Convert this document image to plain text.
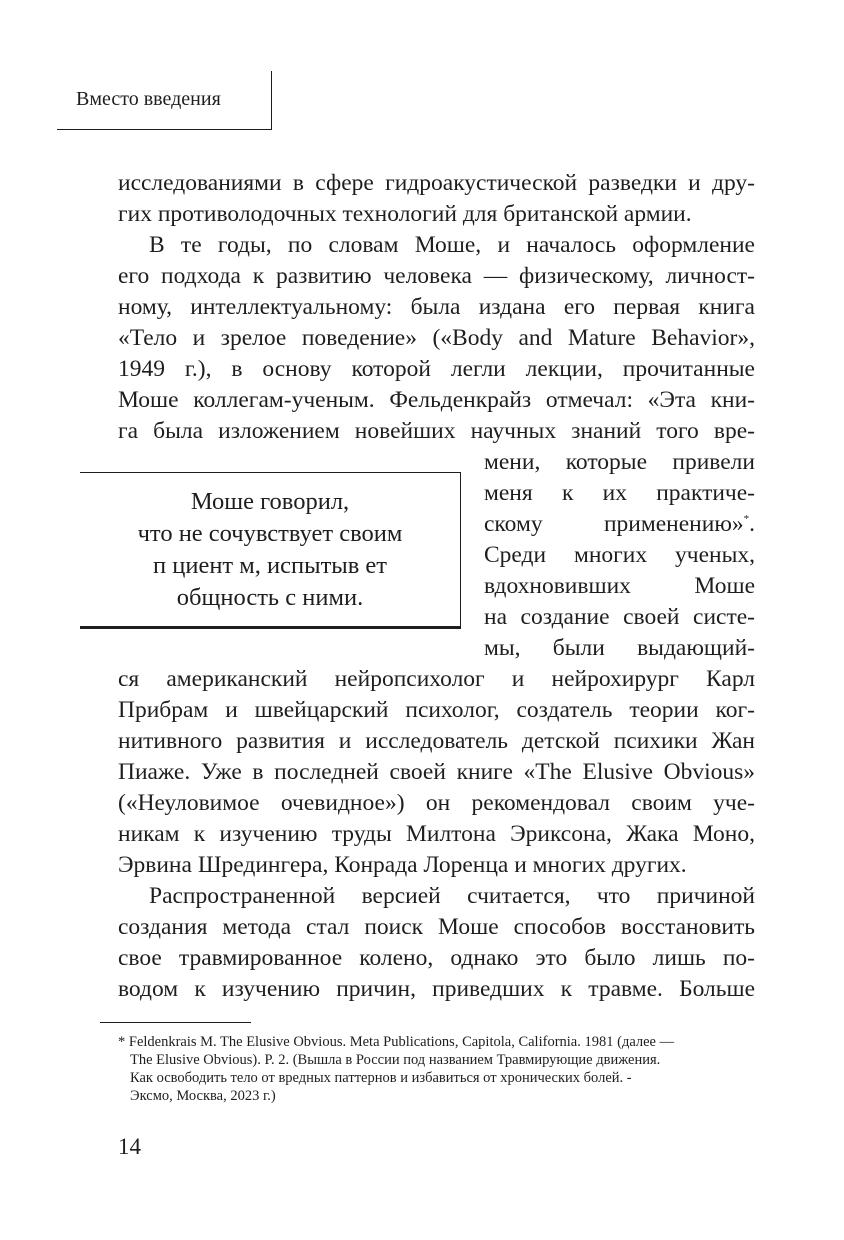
Вместо введения
исследованиями в сфере гидроакустической разведки и дру-
гих противолодочных технологий для британской армии.
В те годы, по словам Моше, и началось оформление
его подхода к развитию человека — физическому, личност-
ному, интеллектуальному: была издана его первая книга
«Тело и зрелое поведение» («Body and Mature Behavior»,
1949 г.), в основу которой легли лекции, прочитанные
Моше коллегам-ученым. Фельденкрайз отмечал: «Эта кни-
га была изложением новейших научных знаний того вре-
мени, которые привели
меня к их практиче-
скому применению»*.
Среди многих ученых,
вдохновивших Моше
на создание своей систе-
мы, были выдающий-
Моше говорил,
что не сочувствует своим
п циент м, испытыв ет
общность с ними.
ся американский нейропсихолог и нейрохирург Карл
Прибрам и швейцарский психолог, создатель теории ког-
нитивного развития и исследователь детской психики Жан
Пиаже. Уже в последней своей книге «The Elusive Obvious»
(«Неуловимое очевидное») он рекомендовал своим уче-
никам к изучению труды Милтона Эриксона, Жака Моно,
Эрвина Шредингера, Конрада Лоренца и многих других.
Распространенной версией считается, что причиной
создания метода стал поиск Моше способов восстановить
свое травмированное колено, однако это было лишь по-
водом к изучению причин, приведших к травме. Больше
* Feldenkrais M. The Elusive Obvious. Meta Publications, Capitola, California. 1981 (далее —
The Elusive Obvious). P. 2. (Вышла в России под названием Травмирующие движения.
Как освободить тело от вредных паттернов и избавиться от хронических болей. -
Эксмо, Москва, 2023 г.)
14
